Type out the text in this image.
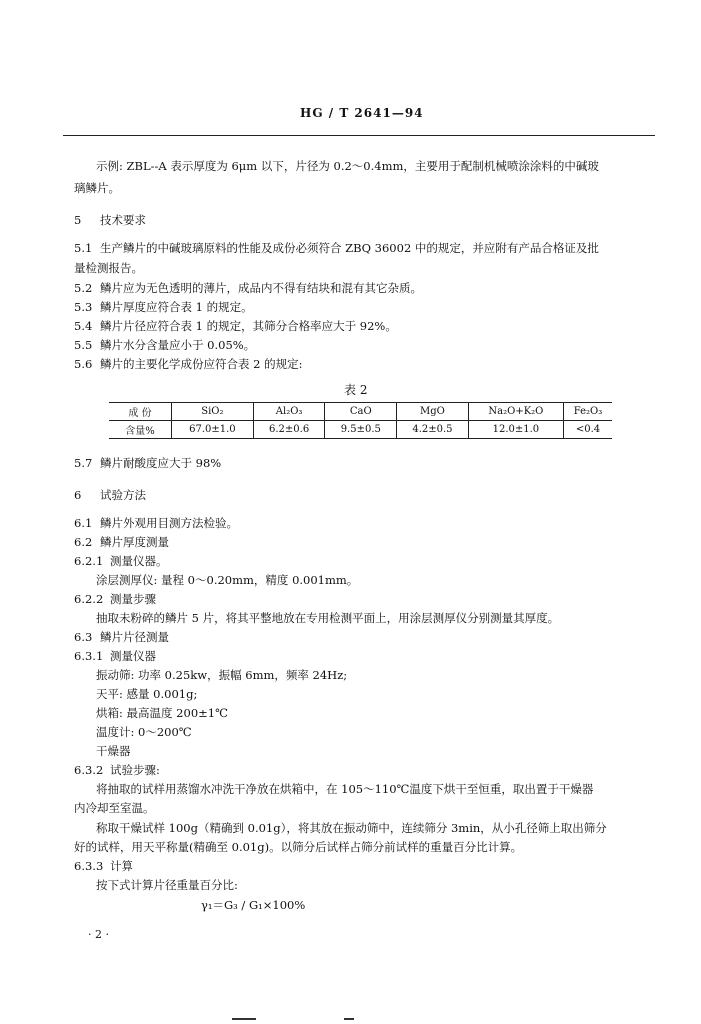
HG / T 2641—94
示例: ZBL--A 表示厚度为 6μm 以下，片径为 0.2～0.4mm，主要用于配制机械喷涂涂料的中碱玻
璃鳞片。
5 技术要求
5.1 生产鳞片的中碱玻璃原料的性能及成份必须符合 ZBQ 36002 中的规定，并应附有产品合格证及批
量检测报告。
5.2 鳞片应为无色透明的薄片，成品内不得有结块和混有其它杂质。
5.3 鳞片厚度应符合表 1 的规定。
5.4 鳞片片径应符合表 1 的规定，其筛分合格率应大于 92%。
5.5 鳞片水分含量应小于 0.05%。
5.6 鳞片的主要化学成份应符合表 2 的规定:
表 2
成 份	SiO₂	Al₂O₃	CaO	MgO	Na₂O+K₂O	Fe₂O₃
含量%	67.0±1.0	6.2±0.6	9.5±0.5	4.2±0.5	12.0±1.0	<0.4
5.7 鳞片耐酸度应大于 98%
6 试验方法
6.1 鳞片外观用目测方法检验。
6.2 鳞片厚度测量
6.2.1 测量仪器。
涂层测厚仪: 量程 0～0.20mm，精度 0.001mm。
6.2.2 测量步骤
抽取未粉碎的鳞片 5 片，将其平整地放在专用检测平面上，用涂层测厚仪分别测量其厚度。
6.3 鳞片片径测量
6.3.1 测量仪器
振动筛: 功率 0.25kw，振幅 6mm，频率 24Hz;
天平: 感量 0.001g;
烘箱: 最高温度 200±1℃
温度计: 0～200℃
干燥器
6.3.2 试验步骤:
将抽取的试样用蒸馏水冲洗干净放在烘箱中，在 105～110℃温度下烘干至恒重，取出置于干燥器
内冷却至室温。
称取干燥试样 100g（精确到 0.01g），将其放在振动筛中，连续筛分 3min，从小孔径筛上取出筛分
好的试样，用天平称量(精确至 0.01g)。以筛分后试样占筛分前试样的重量百分比计算。
6.3.3 计算
按下式计算片径重量百分比:
γ₁＝G₃ / G₁×100%
· 2 ·
